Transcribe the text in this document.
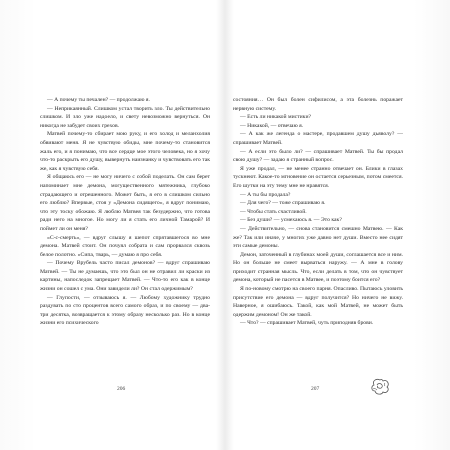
— А почему ты печален? — продолжаю я.

— Неприкаянный. Слишком устал творить зло. Ты действительно слишком. И зло уже надоело, и свету невозможно вернуться. Он никогда не забудет своих грехов.

Матвей почему-то сбирает мою руку, и его холод и меланхолия обвивают меня. Я не чувствую обиды, мне почему-то становится жаль его, и я понимаю, что все сердце мое этого человека, но я хочу что-то раскрыть его душу, вывернуть наизнанку и чувствовать его так же, как я чувствую себя.

Я общаюсь его — не могу ничего с собой поделать. Он сам берет напоминает мне демона, могущественного мятежника, глубоко страдающего и отрешенного. Может быть, я его в слишком сильно его люблю? Впервые, стоя у «Демона сидящего», я вдруг понимаю, что эту тоску обожаю. Я люблю Матвея так безудержно, что готова ради него на многое. Но могу ли я стать его личной Тамарой? И поймет ли он меня?

«С-с-смерть», — вдруг слышу я шепот спрятавшегося во мне демона. Матвей стоит. Он почуял собрата и сам прорвался сквозь белое полотно. «Сипа, тварь, — думаю я про себя.

— Почему Врубель часто писал демонов? — вдруг спрашиваю Матвей. — Ты не думаешь, что это был он не отравил ли краски из картины, напоследок запрещает Матвей. — Что-то его как в конце жизни он сошел с ума. Они завидели ли? Он стал одержимым?

— Глупости, — отзываюсь я. — Любому художнику трудно раздувать по сто процентов всего самого образ, и по своему — два-три десятка, возвращается к этому образу несколько раз. Но в конце жизни его психического

206

состояния… Он был болен сифилисом, а эта болезнь поражает нервную систему.

— Есть ли никакой мистики?

— Никакой, — отвечаю я.

— А как же легенда о мастере, продавшем душу дьяволу? — спрашивает Матвей.

— А если это было ли? — спрашивает Матвей. Ты бы продал свою душу? — задаю я странный вопрос.

Я уже продал, — не менее странно отвечает он. Блики в глазах тускнеют. Какое-то мгновение он остается серьезным, потом смеется. Его шутки на эту тему мне не нравятся.

— А ты бы продала?

— Для чего? — тоже спрашиваю я.

— Чтобы стать счастливой.

— Без души? — усмехаюсь я. — Это как?

— Действительно, — снова становится смешно Матвею. — Как же? Так или иначе, у многих уже давно нет души. Вместо нее сидят эти самые демоны.

Демон, заточенный в глубинах моей души, соглашается все и ним. Но он больше не смеет вырваться наружу. — А мне в голову приходит странная мысль. Что, если делать в том, что он чувствует демона, который не пасется в Матвее, и поэтому боится его?

Я по-новому смотрю на своего парня. Опасливо. Пытаюсь уловить присутствие его демона — вдруг получится? Но ничего не вижу. Наверное, я ошибаюсь. Такой, как мой Матвей, не может быть одержим демоном! Он же такой.

— Что? — спрашивает Матвей, чуть приподняв брови.

207
